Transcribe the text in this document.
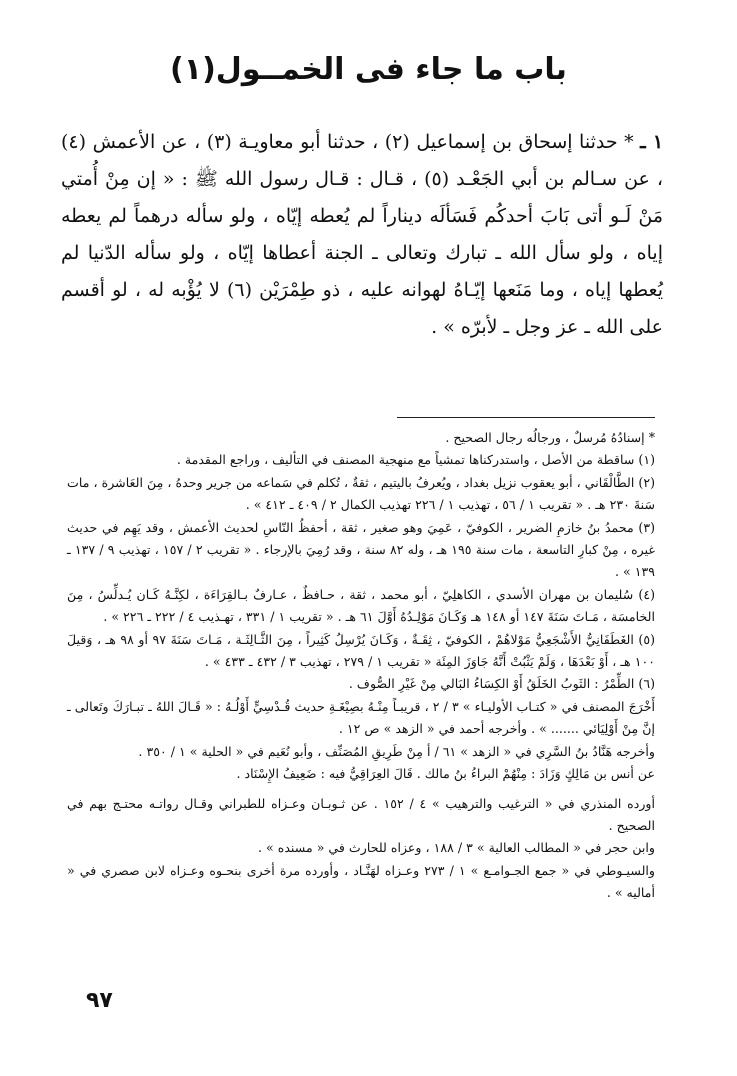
باب ما جاء فى الخمــول(١)

١ ـ * حدثنا إسحاق بن إسماعيل (٢) ، حدثنا أبو معاويـة (٣) ، عن الأعمش (٤) ، عن سـالم بن أبي الجَعْـد (٥) ، قـال : قـال رسول الله ﷺ : « إن مِنْ أُمتي مَنْ لَـو أتى بَابَ أحدكُم فَسَألَه ديناراً لم يُعطه إيّاه ، ولو سأله درهماً لم يعطه إياه ، ولو سأل الله ـ تبارك وتعالى ـ الجنة أعطاها إيّاه ، ولو سأله الدّنيا لم يُعطها إياه ، وما مَنَعها إيّـاهُ لهوانه عليه ، ذو طِمْرَيْن (٦) لا يُؤْبه له ، لو أقسم على الله ـ عز وجل ـ لأبرّه » .

* إسنادُهُ مُرسلٌ ، ورجالُه رجال الصحيح .

(١) ساقطة من الأصل ، واستدركناها تمشياً مع منهجية المصنف في التأليف ، وراجع المقدمة .

(٢) الطَّالْقَاني ، أبو يعقوب نزيل بغداد ، ويُعرفُ باليتيم ، ثقةٌ ، تُكلم في سَماعه من جرير وحدهُ ، مِنَ العَاشرة ، مات سَنةَ ٢٣٠ هـ . « تقريب ١ / ٥٦ ، تهذيب ١ / ٢٢٦ تهذيب الكمال ٢ / ٤٠٩ ـ ٤١٢ » .

(٣) محمدُ بنُ خازمِ الضرير ، الكوفيّ ، عَمِيَ وهو صغير ، ثقة ، أحفظُ النّاسِ لحديث الأعمش ، وقد يَهِم في حديث غيره ، مِنْ كبارِ التاسعة ، مات سنة ١٩٥ هـ ، وله ٨٢ سنة ، وقد رُمِيَ بالإرجاء . « تقريب ٢ / ١٥٧ ، تهذيب ٩ / ١٣٧ ـ ١٣٩ » .

(٤) سُليمان بن مهران الأسدي ، الكاهلِيّ ، أبو محمد ، ثقة ، حـافظٌ ، عـارفٌ بـالقِرَاءَة ، لكِنَّـهُ كَـان يُـدلِّسُ ، مِنَ الخامسَة ، مَـاتَ سَنَةَ ١٤٧ أو ١٤٨ هـ وَكَـانَ مَوْلِـدُهُ أَوَّلَ ٦١ هـ . « تقريب ١ / ٣٣١ ، تهـذيب ٤ / ٢٢٢ ـ ٢٢٦ » .

(٥) الغَطَفَانِيُّ الأَشْجَعِيُّ مَوْلاهُمْ ، الكوفيّ ، ثِقَـةٌ ، وَكَـانَ يُرْسِلُ كَثِيراً ، مِنَ الثَّـالِثَـة ، مَـاتَ سَنَةَ ٩٧ أو ٩٨ هـ ، وَقيلَ ١٠٠ هـ ، أَوْ بَعْدَهَا ، وَلَمْ يَثْبُتْ أَنَّهُ جَاوَزَ المِئَة « تقريب ١ / ٢٧٩ ، تهذيب ٣ / ٤٣٢ ـ ٤٣٣ » .

(٦) الطِّمْرُ : الثَوبُ الخَلَقُ أَوْ الكِسَاءُ البَالي مِنْ غَيْرِ الصُّوف .

أَخْرَجَ المصنف في « كتـاب الأوليـاء » ٣ / ٢ ، قريبـاً مِنْـهُ بصِيْغَـةِ حديث قُـدْسِيٍّ أَوْلُـهُ : « قَـالَ اللهُ ـ تبـارَكَ وتَعالى ـ إنَّ مِنْ أَوْلِيَائي ....... » . وأخرجه أحمد في « الزهد » ص ١٢ .

وأخرجه هَنَّادُ بنُ السَّرِي في « الزهد » ٦١ / أ مِنْ طَرِيقِ المُصَنِّف ، وأبو نُعَيم في « الحلية » ١ / ٣٥٠ .

عن أنس بن مَالِكٍ وَزَادَ : مِنْهُمْ البراءُ بنُ مالك . قَالَ العِرَاقِيُّ فيه : ضَعِيفُ الإِسْنَاد .

أورده المنذري في « الترغيب والترهيب » ٤ / ١٥٢ . عن ثـوبـان وعـزاه للطبراني وقـال رواتـه محتـج بهم في الصحيح .

وابن حجر في « المطالب العالية » ٣ / ١٨٨ ، وعزاه للحارث في « مسنده » .

والسيـوطي في « جمع الجـوامـع » ١ / ٢٧٣ وعـزاه لهَنَّـاد ، وأورده مرة أخرى بنحـوه وعـزاه لابن صصري في « أماليه » .

٩٧
